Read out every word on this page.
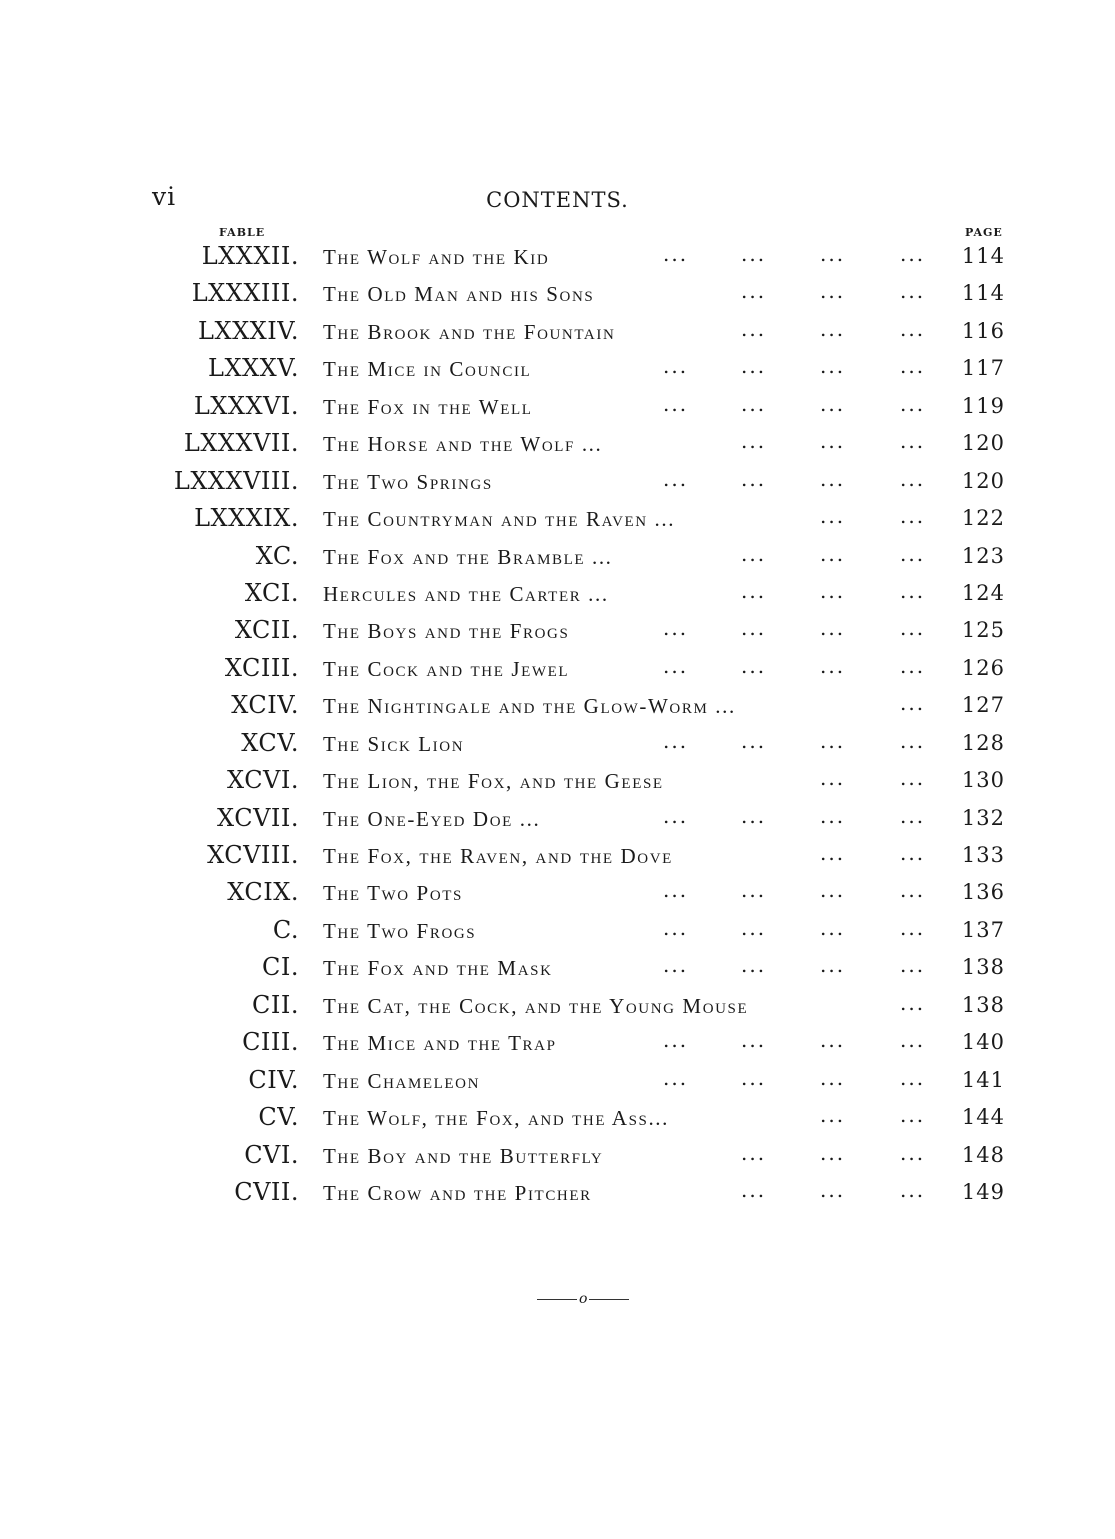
vi	CONTENTS.
FABLE	PAGE
LXXXII. The Wolf and the Kid	...	...	...	... 114
LXXXIII. The Old Man and his Sons	...	...	... 114
LXXXIV. The Brook and the Fountain	...	...	... 116
LXXXV. The Mice in Council	...	...	...	... 117
LXXXVI. The Fox in the Well	...	...	...	... 119
LXXXVII. The Horse and the Wolf ...	...	...	... 120
LXXXVIII. The Two Springs	...	...	...	... 120
LXXXIX. The Countryman and the Raven ...	...	... 122
XC. The Fox and the Bramble ...	...	...	... 123
XCI. Hercules and the Carter ...	...	...	... 124
XCII. The Boys and the Frogs	...	...	...	... 125
XCIII. The Cock and the Jewel	...	...	...	... 126
XCIV. The Nightingale and the Glow-Worm ...	... 127
XCV. The Sick Lion	...	...	...	... 128
XCVI. The Lion, the Fox, and the Geese	...	... 130
XCVII. The One-Eyed Doe ...	...	...	...	... 132
XCVIII. The Fox, the Raven, and the Dove	...	... 133
XCIX. The Two Pots	...	...	...	... 136
C. The Two Frogs	...	...	...	... 137
CI. The Fox and the Mask	...	...	...	... 138
CII. The Cat, the Cock, and the Young Mouse	... 138
CIII. The Mice and the Trap	...	...	...	... 140
CIV. The Chameleon	...	...	...	... 141
CV. The Wolf, the Fox, and the Ass...	...	... 144
CVI. The Boy and the Butterfly	...	...	... 148
CVII. The Crow and the Pitcher	...	...	... 149
o
